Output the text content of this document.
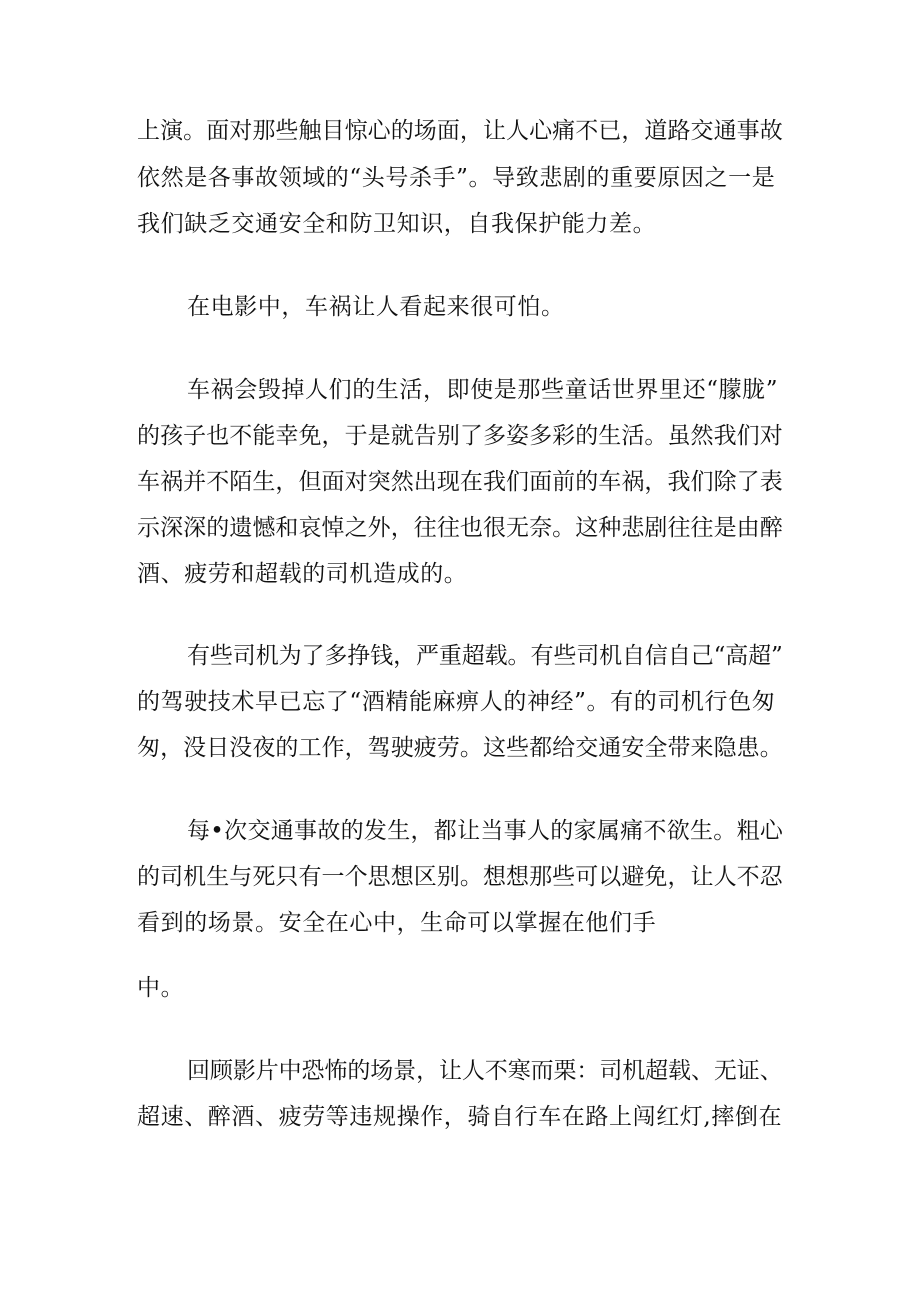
上演。面对那些触目惊心的场面，让人心痛不已，道路交通事故

依然是各事故领域的“头号杀手”。导致悲剧的重要原因之一是

我们缺乏交通安全和防卫知识，自我保护能力差。

在电影中，车祸让人看起来很可怕。

车祸会毁掉人们的生活，即使是那些童话世界里还“朦胧”

的孩子也不能幸免，于是就告别了多姿多彩的生活。虽然我们对

车祸并不陌生，但面对突然出现在我们面前的车祸，我们除了表

示深深的遗憾和哀悼之外，往往也很无奈。这种悲剧往往是由醉

酒、疲劳和超载的司机造成的。

有些司机为了多挣钱，严重超载。有些司机自信自己“高超”

的驾驶技术早已忘了“酒精能麻痹人的神经”。有的司机行色匆

匆，没日没夜的工作，驾驶疲劳。这些都给交通安全带来隐患。

每•次交通事故的发生，都让当事人的家属痛不欲生。粗心

的司机生与死只有一个思想区别。想想那些可以避免，让人不忍

看到的场景。安全在心中，生命可以掌握在他们手

中。

回顾影片中恐怖的场景，让人不寒而栗：司机超载、无证、

超速、醉酒、疲劳等违规操作，骑自行车在路上闯红灯,摔倒在
